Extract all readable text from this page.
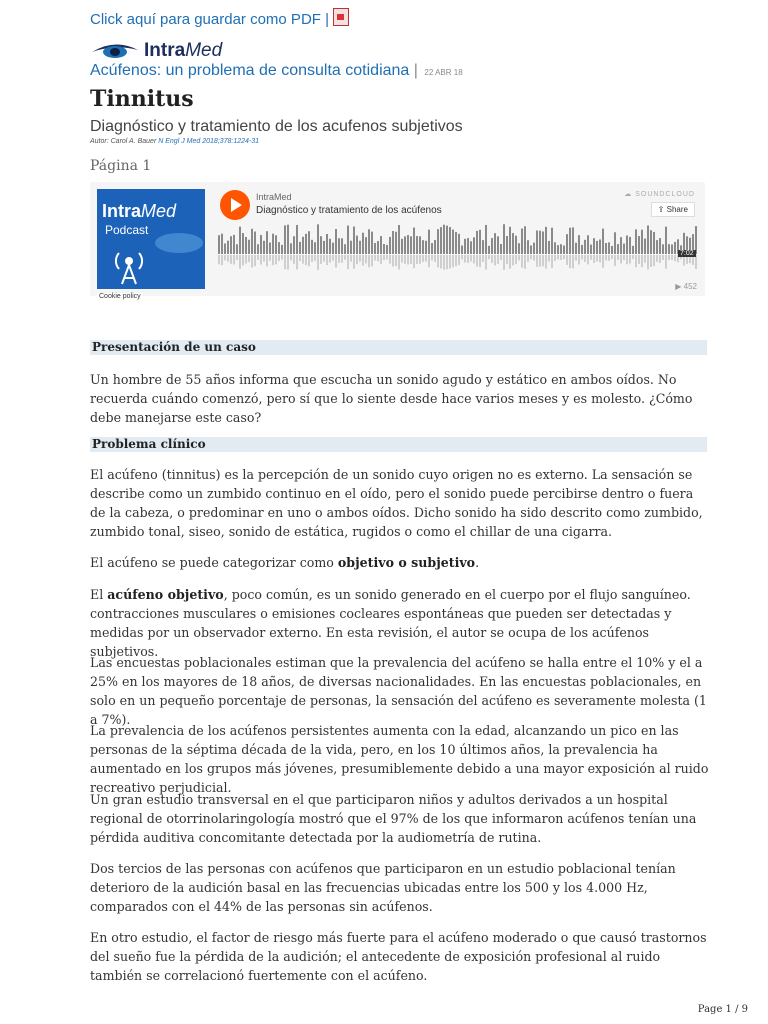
Click aquí para guardar como PDF |
IntraMed
Acúfenos: un problema de consulta cotidiana | 22 ABR 18
Tinnitus
Diagnóstico y tratamiento de los acufenos subjetivos
Autor: Carol A. Bauer N Engl J Med 2018;378:1224-31
Página 1
IntraMed
Podcast
Cookie policy
IntraMed
Diagnóstico y tratamiento de los acúfenos
☁ SOUNDCLOUD
⇪ Share
7:02
▶ 452
Presentación de un caso

Un hombre de 55 años informa que escucha un sonido agudo y estático en ambos oídos. No recuerda cuándo comenzó, pero sí que lo siente desde hace varios meses y es molesto. ¿Cómo debe manejarse este caso?

Problema clínico

El acúfeno (tinnitus) es la percepción de un sonido cuyo origen no es externo. La sensación se describe como un zumbido continuo en el oído, pero el sonido puede percibirse dentro o fuera de la cabeza, o predominar en uno o ambos oídos. Dicho sonido ha sido descrito como zumbido, zumbido tonal, siseo, sonido de estática, rugidos o como el chillar de una cigarra.

El acúfeno se puede categorizar como objetivo o subjetivo.

El acúfeno objetivo, poco común, es un sonido generado en el cuerpo por el flujo sanguíneo. contracciones musculares o emisiones cocleares espontáneas que pueden ser detectadas y medidas por un observador externo. En esta revisión, el autor se ocupa de los acúfenos subjetivos.

Las encuestas poblacionales estiman que la prevalencia del acúfeno se halla entre el 10% y el a 25% en los mayores de 18 años, de diversas nacionalidades. En las encuestas poblacionales, en solo en un pequeño porcentaje de personas, la sensación del acúfeno es severamente molesta (1 a 7%).

La prevalencia de los acúfenos persistentes aumenta con la edad, alcanzando un pico en las personas de la séptima década de la vida, pero, en los 10 últimos años, la prevalencia ha aumentado en los grupos más jóvenes, presumiblemente debido a una mayor exposición al ruido recreativo perjudicial.

Un gran estudio transversal en el que participaron niños y adultos derivados a un hospital regional de otorrinolaringología mostró que el 97% de los que informaron acúfenos tenían una pérdida auditiva concomitante detectada por la audiometría de rutina.

Dos tercios de las personas con acúfenos que participaron en un estudio poblacional tenían deterioro de la audición basal en las frecuencias ubicadas entre los 500 y los 4.000 Hz, comparados con el 44% de las personas sin acúfenos.

En otro estudio, el factor de riesgo más fuerte para el acúfeno moderado o que causó trastornos del sueño fue la pérdida de la audición; el antecedente de exposición profesional al ruido también se correlacionó fuertemente con el acúfeno.

Page 1 / 9
